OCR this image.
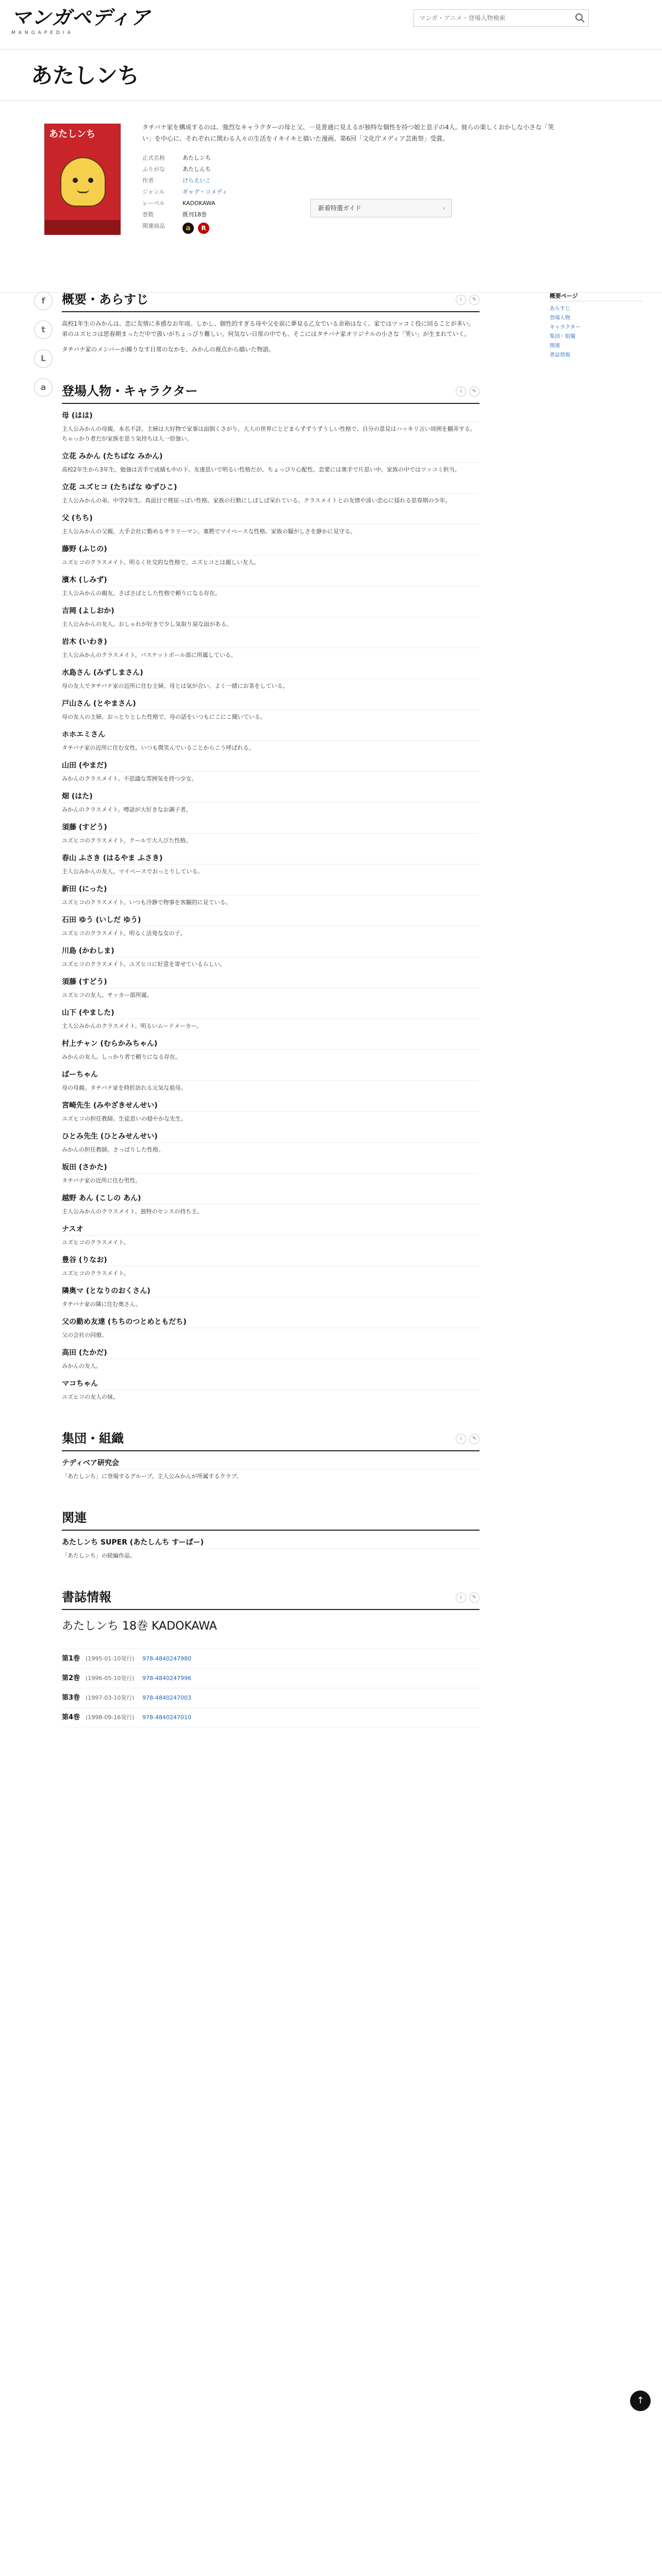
マンガペディア
MANGAPEDIA
マンガ・アニメ・登場人物検索
あたしンち
あたしンち

タチバナ家を構成するのは、強烈なキャラクターの母と父、一見普通に見えるが独特な個性を持つ娘と息子の4人。彼らの楽しくおかしな小さな「笑い」を中心に、それぞれに関わる人々の生活をイキイキと描いた漫画。第6回「文化庁メディア芸術祭」受賞。

正式名称	あたしンち
ふりがな	あたしんち
作者	けらえいこ
ジャンル	ギャグ・コメディ
レーベル	KADOKAWA
巻数	既刊18巻
関連商品	a	R
新着特選ガイド	›
f
t
L
a
概要・あらすじ	i	✎

高校1年生のみかんは、恋に友情に多感なお年頃。しかし、個性的すぎる母や父を前に夢見る乙女でいる余裕はなく、家ではツッコミ役に回ることが多い。弟のユズヒコは思春期まっただ中で扱いがちょっぴり難しい。何気ない日常の中でも、そこにはタチバナ家オリジナルの小さな「笑い」が生まれていく。

タチバナ家のメンバーが繰りなす日常のなかを、みかんの視点から描いた物語。

登場人物・キャラクター	i	✎
母 (はは)

主人公みかんの母親。本名不詳。主婦は大好物で家事は面倒くさがり。大人の世界にとどまらずずうずうしい性格で、自分の意見はハッキリ言い周囲を翻弄する。ちゃっかり者だが家族を思う気持ちは人一倍強い。

立花 みかん (たちばな みかん)

高校2年生から3年生。勉強は苦手で成績も中の下。友達思いで明るい性格だが、ちょっぴり心配性。恋愛には奥手で片思い中。家族の中ではツッコミ担当。

立花 ユズヒコ (たちばな ゆずひこ)

主人公みかんの弟。中学2年生。真面目で理屈っぽい性格。家族の行動にしばしば呆れている。クラスメイトとの友情や淡い恋心に揺れる思春期の少年。

父 (ちち)

主人公みかんの父親。大手会社に勤めるサラリーマン。寡黙でマイペースな性格。家族の騒がしさを静かに見守る。

藤野 (ふじの)

ユズヒコのクラスメイト。明るく社交的な性格で、ユズヒコとは親しい友人。

濱木 (しみず)

主人公みかんの親友。さばさばとした性格で頼りになる存在。

吉岡 (よしおか)

主人公みかんの友人。おしゃれが好きで少し気取り屋な面がある。

岩木 (いわき)

主人公みかんのクラスメイト。バスケットボール部に所属している。

水島さん (みずしまさん)

母の友人でタチバナ家の近所に住む主婦。母とは気が合い、よく一緒にお茶をしている。

戸山さん (とやまさん)

母の友人の主婦。おっとりとした性格で、母の話をいつもにこにこ聞いている。

ホホエミさん

タチバナ家の近所に住む女性。いつも微笑んでいることからこう呼ばれる。

山田 (やまだ)

みかんのクラスメイト。不思議な雰囲気を持つ少女。

畑 (はた)

みかんのクラスメイト。噂話が大好きなお調子者。

須藤 (すどう)

ユズヒコのクラスメイト。クールで大人びた性格。

春山 ふさき (はるやま ふさき)

主人公みかんの友人。マイペースでおっとりしている。

新田 (にった)

ユズヒコのクラスメイト。いつも冷静で物事を客観的に見ている。

石田 ゆう (いしだ ゆう)

ユズヒコのクラスメイト。明るく活発な女の子。

川島 (かわしま)

ユズヒコのクラスメイト。ユズヒコに好意を寄せているらしい。

須藤 (すどう)

ユズヒコの友人。サッカー部所属。

山下 (やました)

主人公みかんのクラスメイト。明るいムードメーカー。

村上チャン (むらかみちゃん)

みかんの友人。しっかり者で頼りになる存在。

ばーちゃん

母の母親。タチバナ家を時折訪れる元気な祖母。

宮崎先生 (みやざきせんせい)

ユズヒコの担任教師。生徒思いの穏やかな先生。

ひとみ先生 (ひとみせんせい)

みかんの担任教師。さっぱりした性格。

坂田 (さかた)

タチバナ家の近所に住む男性。

越野 あん (こしの あん)

主人公みかんのクラスメイト。独特のセンスの持ち主。

ナスオ

ユズヒコのクラスメイト。

豊谷 (りなお)

ユズヒコのクラスメイト。

隣奥マ (となりのおくさん)

タチバナ家の隣に住む奥さん。

父の勤め友達 (ちちのつとめともだち)

父の会社の同僚。

高田 (たかだ)

みかんの友人。

マコちゃん

ユズヒコの友人の妹。

集団・組織	i	✎
テディベア研究会

「あたしンち」に登場するグループ。主人公みかんが所属するクラブ。

関連
あたしンち SUPER (あたしんち すーぱー)

「あたしンち」の続編作品。

書誌情報	i	✎
あたしンち 18巻 KADOKAWA
第1巻 (1995-01-10発行)	978-4840247980
第2巻 (1996-05-10発行)	978-4840247996
第3巻 (1997-03-10発行)	978-4840247003
第4巻 (1998-09-16発行)	978-4840247010
概要ページ
あらすじ
登場人物
キャラクター
集団・組織
関連
書誌情報
↑
